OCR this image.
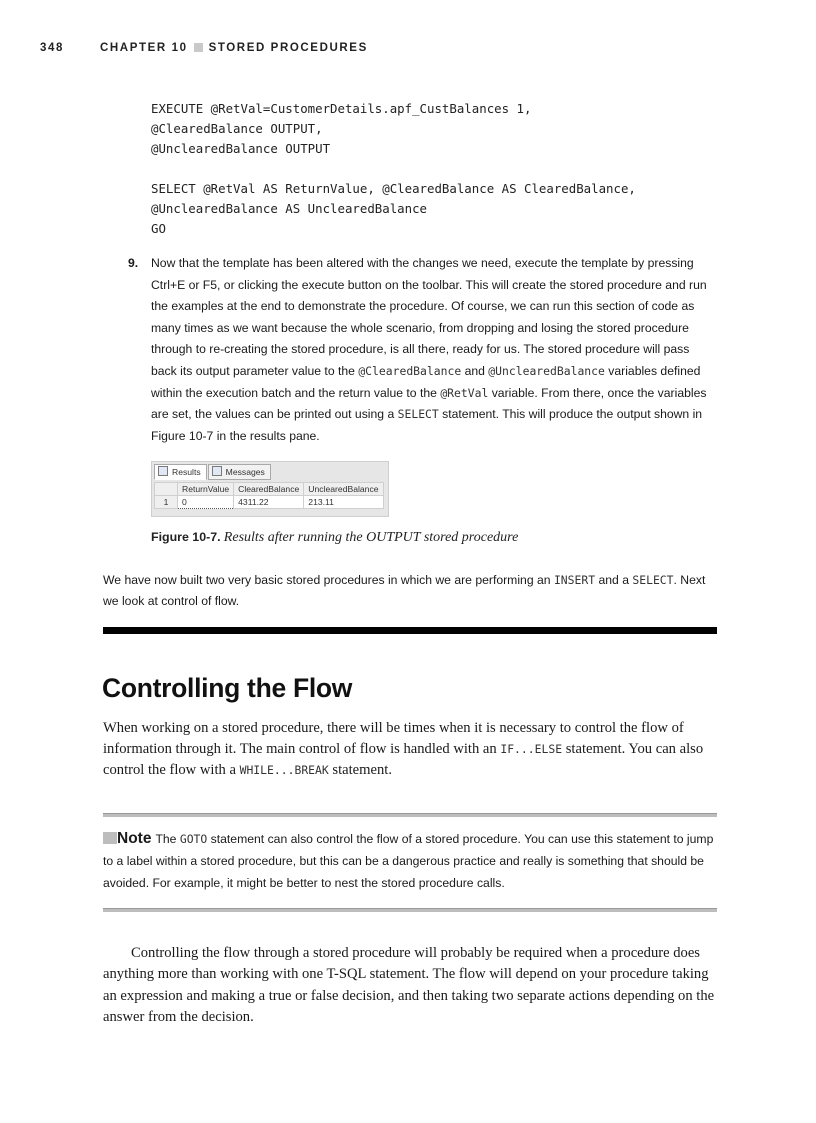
348	CHAPTER 10 STORED PROCEDURES
EXECUTE @RetVal=CustomerDetails.apf_CustBalances 1,
@ClearedBalance OUTPUT,
@UnclearedBalance OUTPUT
SELECT @RetVal AS ReturnValue, @ClearedBalance AS ClearedBalance,
@UnclearedBalance AS UnclearedBalance
GO
9. Now that the template has been altered with the changes we need, execute the template by pressing Ctrl+E or F5, or clicking the execute button on the toolbar. This will create the stored procedure and run the examples at the end to demonstrate the procedure. Of course, we can run this section of code as many times as we want because the whole scenario, from dropping and losing the stored procedure through to re-creating the stored procedure, is all there, ready for us. The stored procedure will pass back its output parameter value to the @ClearedBalance and @UnclearedBalance variables defined within the execution batch and the return value to the @RetVal variable. From there, once the variables are set, the values can be printed out using a SELECT statement. This will produce the output shown in Figure 10-7 in the results pane.
Results	Messages
	ReturnValue	ClearedBalance	UnclearedBalance
1	0	4311.22	213.11
Figure 10-7. Results after running the OUTPUT stored procedure
We have now built two very basic stored procedures in which we are performing an INSERT and a SELECT. Next we look at control of flow.
Controlling the Flow
When working on a stored procedure, there will be times when it is necessary to control the flow of information through it. The main control of flow is handled with an IF...ELSE statement. You can also control the flow with a WHILE...BREAK statement.
Note The GOTO statement can also control the flow of a stored procedure. You can use this statement to jump to a label within a stored procedure, but this can be a dangerous practice and really is something that should be avoided. For example, it might be better to nest the stored procedure calls.
Controlling the flow through a stored procedure will probably be required when a procedure does anything more than working with one T-SQL statement. The flow will depend on your procedure taking an expression and making a true or false decision, and then taking two separate actions depending on the answer from the decision.
